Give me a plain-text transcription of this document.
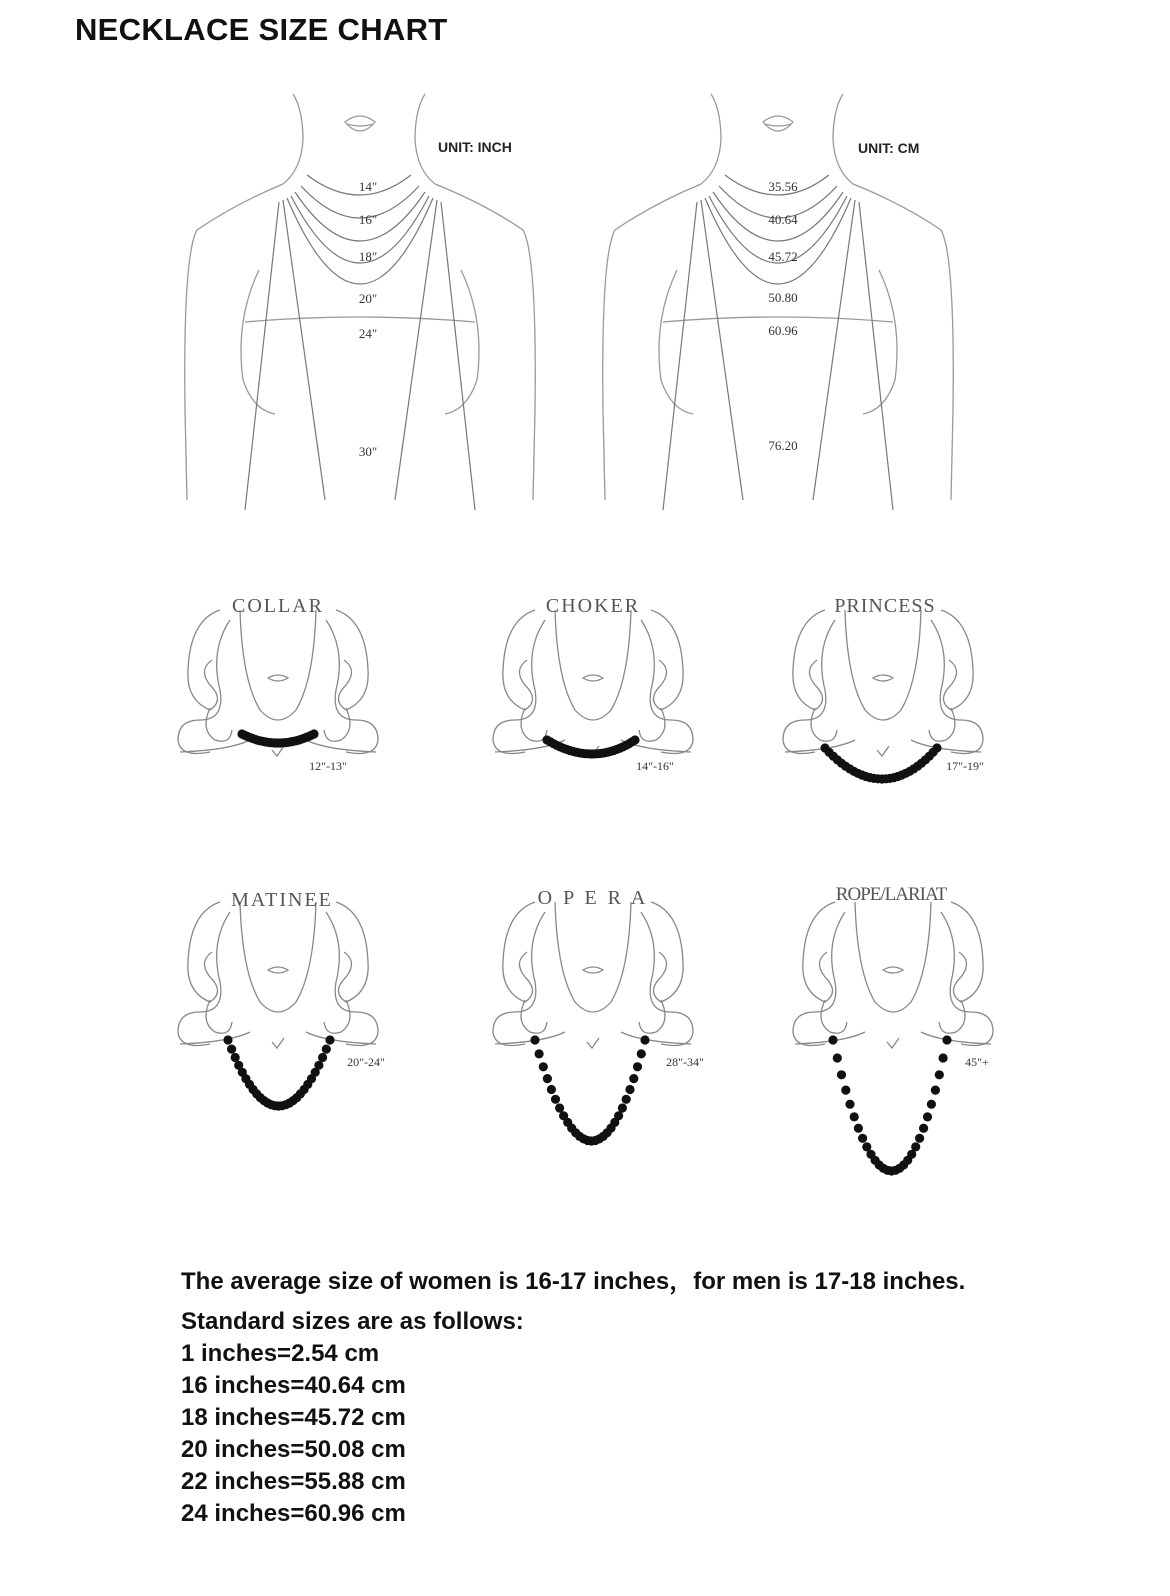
NECKLACE SIZE CHART
14"
16"
18"
20"
24"
30"
UNIT: INCH
35.56
40.64
45.72
50.80
60.96
76.20
UNIT: CM
COLLAR
12"-13"
CHOKER
14"-16"
PRINCESS
17"-19"
MATINEE
20"-24"
O P E R A
28"-34"
ROPE/LARIAT
45"+
The average size of women is 16-17 inches，for men is 17-18 inches.
Standard sizes are as follows:
1 inches=2.54 cm
16 inches=40.64 cm
18 inches=45.72 cm
20 inches=50.08 cm
22 inches=55.88 cm
24 inches=60.96 cm
